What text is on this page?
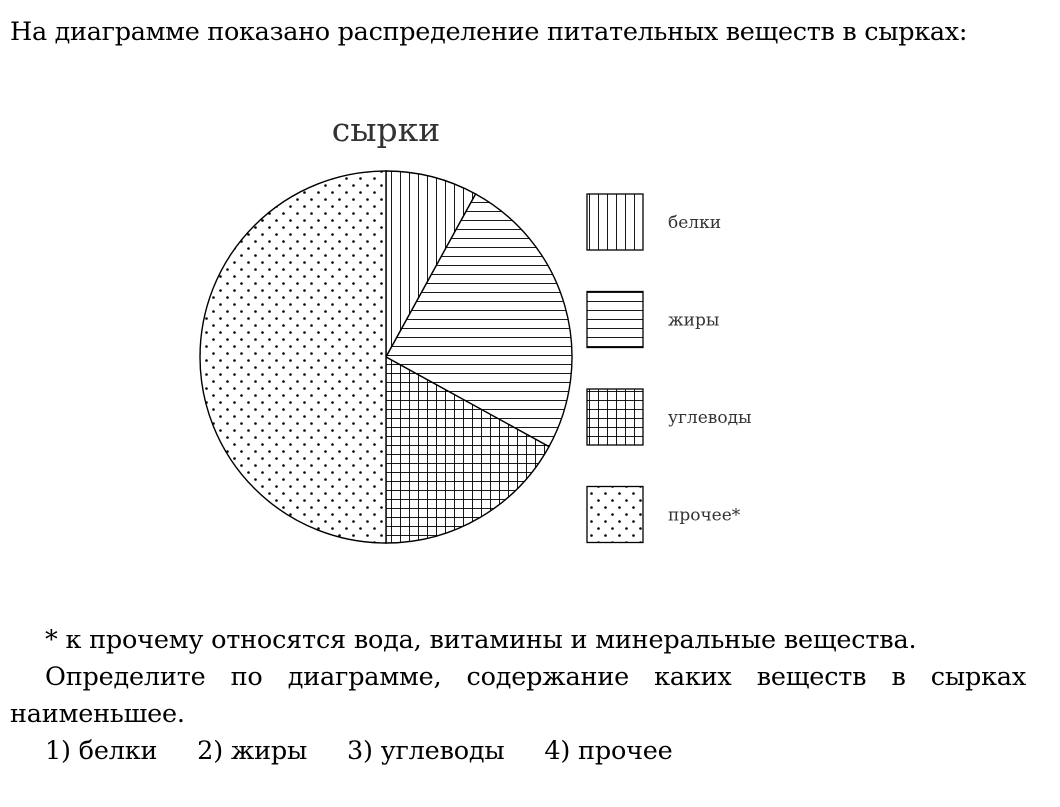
На диаграмме показано распределение питательных веществ в сырках:
сырки
белки
жиры
углеводы
прочее*

* к прочему относятся вода, витамины и минеральные вещества.

Определите по диаграмме, содержание каких веществ в сырках наименьшее.

1) белки 2) жиры 3) углеводы 4) прочее
